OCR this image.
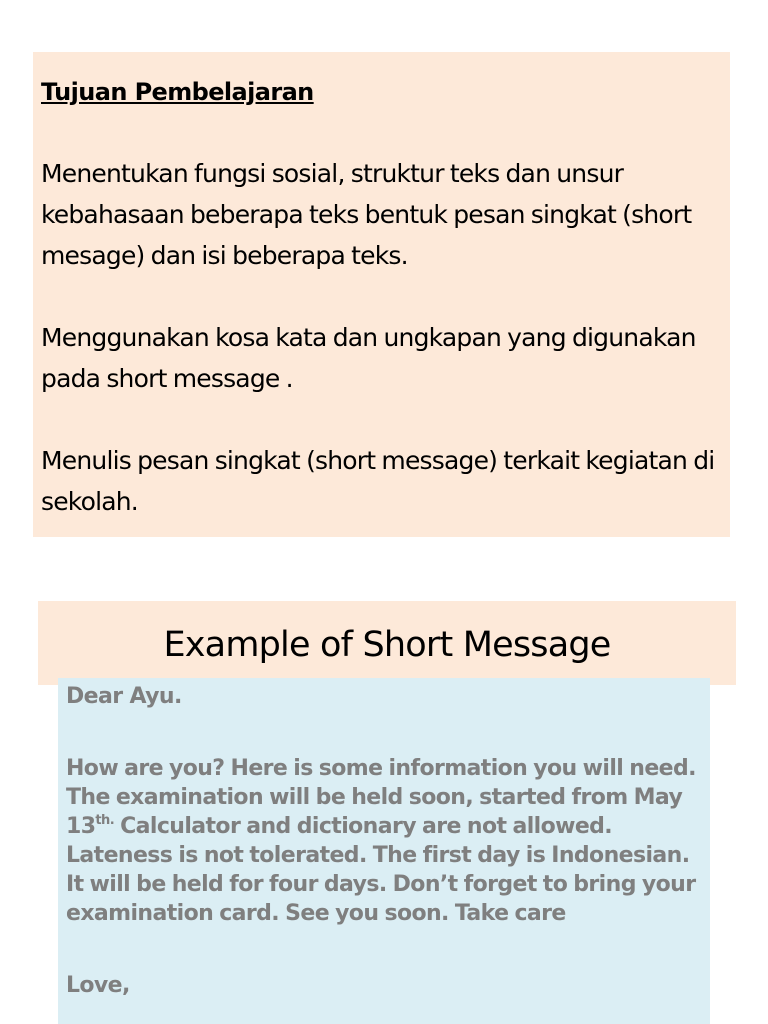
Tujuan Pembelajaran

Menentukan fungsi sosial, struktur teks dan unsur kebahasaan beberapa teks bentuk pesan singkat (short mesage) dan isi beberapa teks.

Menggunakan kosa kata dan ungkapan yang digunakan pada short message .

Menulis pesan singkat (short message) terkait kegiatan di sekolah.

Example of Short Message

Dear Ayu.

How are you? Here is some information you will need. The examination will be held soon, started from May $13^{th.}$ Calculator and dictionary are not allowed. Lateness is not tolerated. The first day is Indonesian. It will be held for four days. Don’t forget to bring your examination card. See you soon. Take care

Love,
